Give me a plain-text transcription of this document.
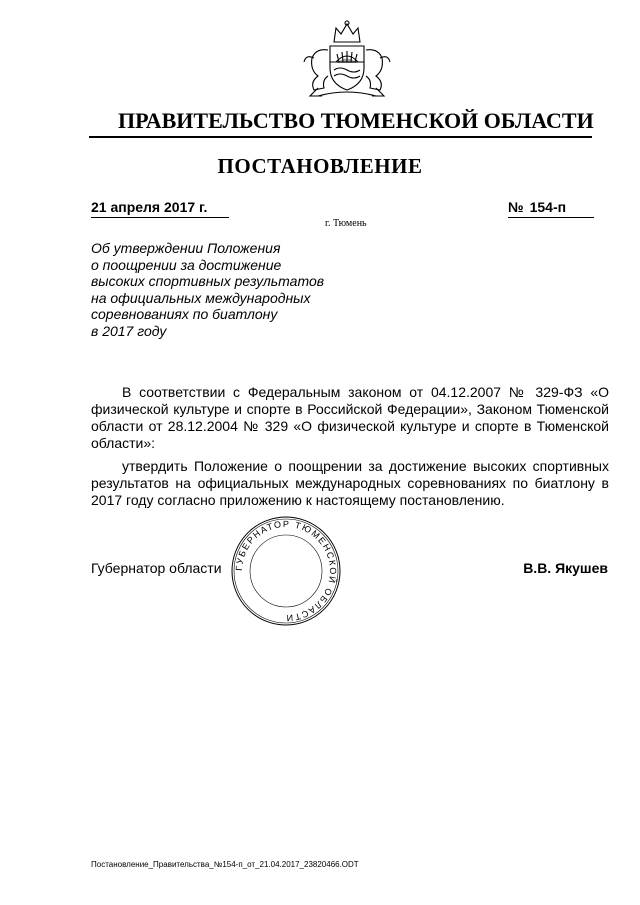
ПРАВИТЕЛЬСТВО ТЮМЕНСКОЙ ОБЛАСТИ
ПОСТАНОВЛЕНИЕ
21 апреля 2017 г.	№ 154-п
г. Тюмень
Об утверждении Положения
о поощрении за достижение
высоких спортивных результатов
на официальных международных
соревнованиях по биатлону
в 2017 году
В соответствии с Федеральным законом от 04.12.2007 № 329-ФЗ «О физической культуре и спорте в Российской Федерации», Законом Тюменской области от 28.12.2004 № 329 «О физической культуре и спорте в Тюменской области»:
утвердить Положение о поощрении за достижение высоких спортивных результатов на официальных международных соревнованиях по биатлону в 2017 году согласно приложению к настоящему постановлению.
ГУБЕРНАТОР ТЮМЕНСКОЙ ОБЛАСТИ
Губернатор области	В.В. Якушев
Постановление_Правительства_№154-п_от_21.04.2017_23820466.ODT
